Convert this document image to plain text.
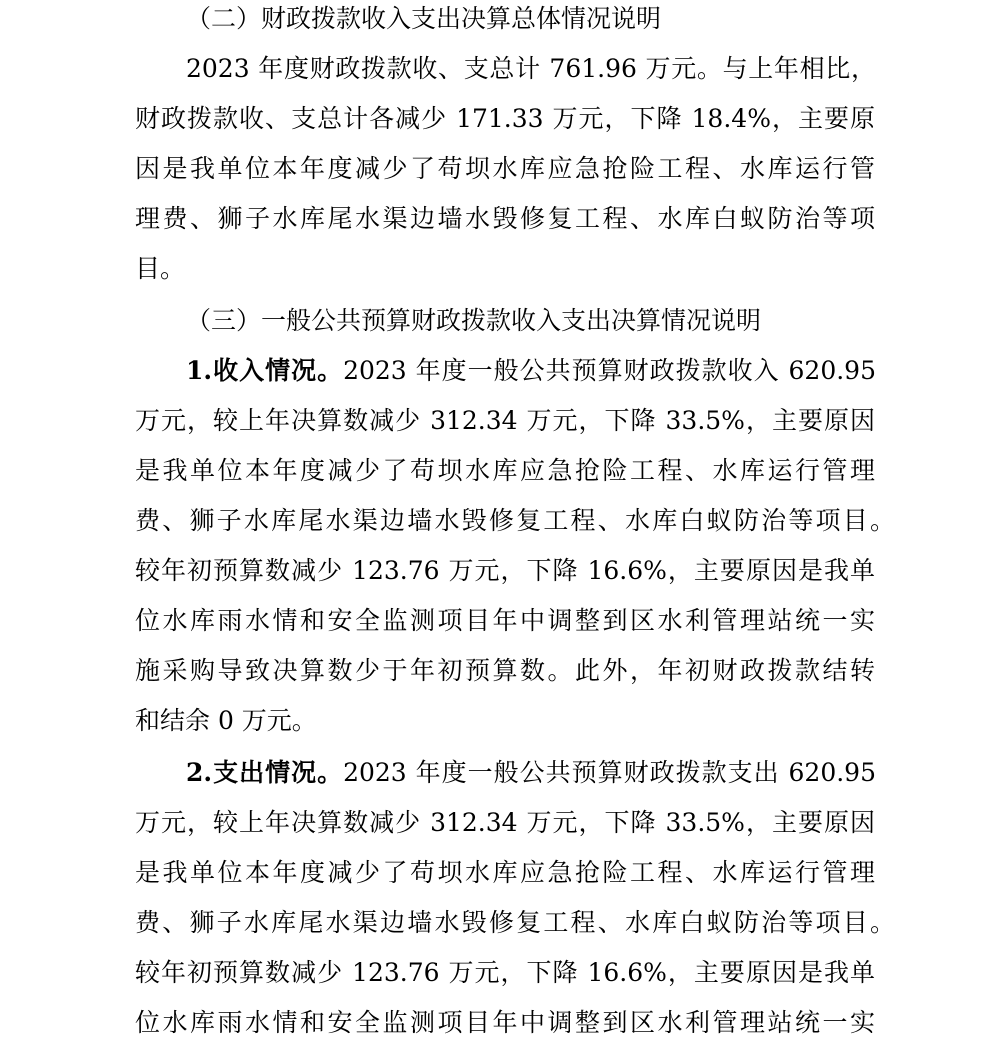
（二）财政拨款收入支出决算总体情况说明
2023 年度财政拨款收、支总计 761.96 万元。与上年相比，
财政拨款收、支总计各减少 171.33 万元，下降 18.4%，主要原
因是我单位本年度减少了苟坝水库应急抢险工程、水库运行管
理费、狮子水库尾水渠边墙水毁修复工程、水库白蚁防治等项
目。
（三）一般公共预算财政拨款收入支出决算情况说明
1.收入情况。2023 年度一般公共预算财政拨款收入 620.95
万元，较上年决算数减少 312.34 万元，下降 33.5%，主要原因
是我单位本年度减少了苟坝水库应急抢险工程、水库运行管理
费、狮子水库尾水渠边墙水毁修复工程、水库白蚁防治等项目。
较年初预算数减少 123.76 万元，下降 16.6%，主要原因是我单
位水库雨水情和安全监测项目年中调整到区水利管理站统一实
施采购导致决算数少于年初预算数。此外，年初财政拨款结转
和结余 0 万元。
2.支出情况。2023 年度一般公共预算财政拨款支出 620.95
万元，较上年决算数减少 312.34 万元，下降 33.5%，主要原因
是我单位本年度减少了苟坝水库应急抢险工程、水库运行管理
费、狮子水库尾水渠边墙水毁修复工程、水库白蚁防治等项目。
较年初预算数减少 123.76 万元，下降 16.6%，主要原因是我单
位水库雨水情和安全监测项目年中调整到区水利管理站统一实
